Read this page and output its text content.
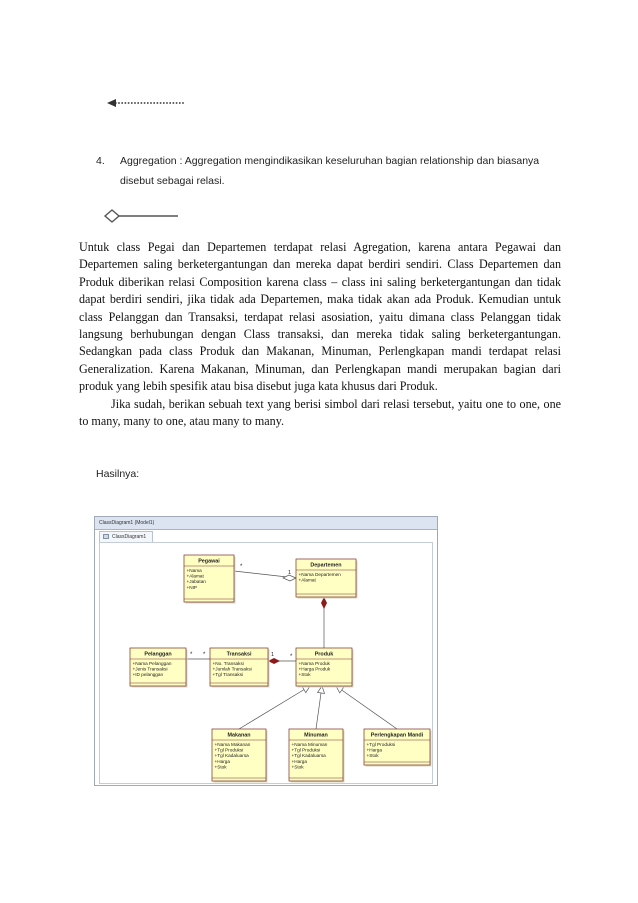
4. Aggregation : Aggregation mengindikasikan keseluruhan bagian relationship dan biasanya disebut sebagai relasi.

Untuk class Pegai dan Departemen terdapat relasi Agregation, karena antara Pegawai dan Departemen saling berketergantungan dan mereka dapat berdiri sendiri. Class Departemen dan Produk diberikan relasi Composition karena class – class ini saling berketergantungan dan tidak dapat berdiri sendiri, jika tidak ada Departemen, maka tidak akan ada Produk. Kemudian untuk class Pelanggan dan Transaksi, terdapat relasi asosiation, yaitu dimana class Pelanggan tidak langsung berhubungan dengan Class transaksi, dan mereka tidak saling berketergantungan. Sedangkan pada class Produk dan Makanan, Minuman, Perlengkapan mandi terdapat relasi Generalization. Karena Makanan, Minuman, dan Perlengkapan mandi merupakan bagian dari produk yang lebih spesifik atau bisa disebut juga kata khusus dari Produk.

Jika sudah, berikan sebuah text yang berisi simbol dari relasi tersebut, yaitu one to one, one to many, many to one, atau many to many.

Hasilnya:
ClassDiagram1 (Model1)
ClassDiagram1
*
1
* *	1	*
Pegawai
+Nama
+Alamat
+Jabatan
+NIP
Departemen
+Nama Departemen
+Alamat
Pelanggan
+Nama Pelanggan
+Jenis Transaksi
+ID pelanggan
Transaksi
+No. Transaksi
+Jumlah Transaksi
+Tgl Transaksi
Produk
+Nama Produk
+Harga Produk
+Stok
Makanan
+Nama Makanan
+Tgl Produksi
+Tgl Kadaluarsa
+Harga
+Stok
Minuman
+Nama Minuman
+Tgl Produksi
+Tgl Kadaluarsa
+Harga
+Stok
Perlengkapan Mandi
+Tgl Produksi
+Harga
+Stok
